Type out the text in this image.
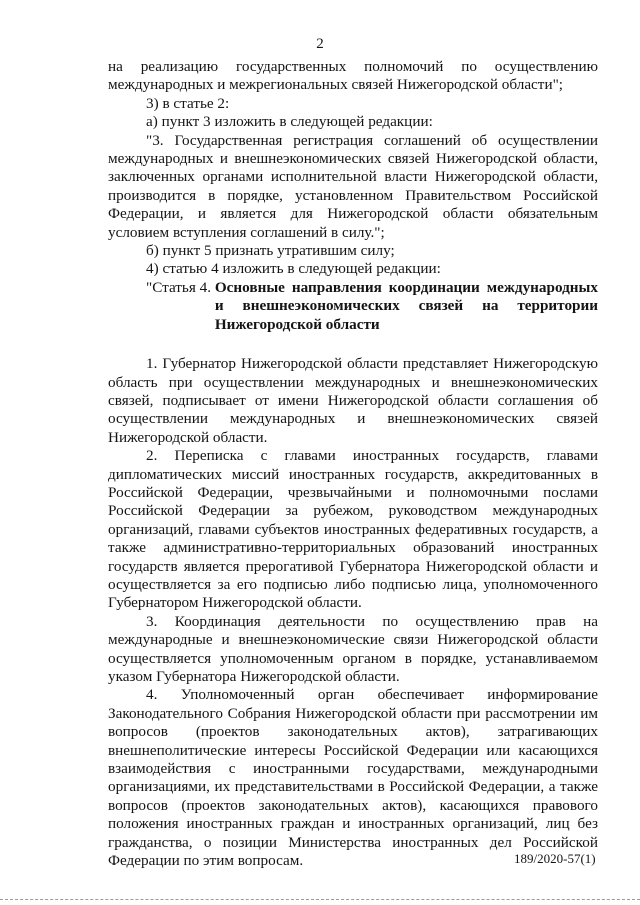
2

на реализацию государственных полномочий по осуществлению международных и межрегиональных связей Нижегородской области";

3) в статье 2:

а) пункт 3 изложить в следующей редакции:

"3. Государственная регистрация соглашений об осуществлении международных и внешнеэкономических связей Нижегородской области, заключенных органами исполнительной власти Нижегородской области, производится в порядке, установленном Правительством Российской Федерации, и является для Нижегородской области обязательным условием вступления соглашений в силу.";

б) пункт 5 признать утратившим силу;

4) статью 4 изложить в следующей редакции:

"Статья 4. Основные направления координации международных и внешнеэкономических связей на территории Нижегородской области

1. Губернатор Нижегородской области представляет Нижегородскую область при осуществлении международных и внешнеэкономических связей, подписывает от имени Нижегородской области соглашения об осуществлении международных и внешнеэкономических связей Нижегородской области.

2. Переписка с главами иностранных государств, главами дипломатических миссий иностранных государств, аккредитованных в Российской Федерации, чрезвычайными и полномочными послами Российской Федерации за рубежом, руководством международных организаций, главами субъектов иностранных федеративных государств, а также административно-территориальных образований иностранных государств является прерогативой Губернатора Нижегородской области и осуществляется за его подписью либо подписью лица, уполномоченного Губернатором Нижегородской области.

3. Координация деятельности по осуществлению прав на международные и внешнеэкономические связи Нижегородской области осуществляется уполномоченным органом в порядке, устанавливаемом указом Губернатора Нижегородской области.

4. Уполномоченный орган обеспечивает информирование Законодательного Собрания Нижегородской области при рассмотрении им вопросов (проектов законодательных актов), затрагивающих внешнеполитические интересы Российской Федерации или касающихся взаимодействия с иностранными государствами, международными организациями, их представительствами в Российской Федерации, а также вопросов (проектов законодательных актов), касающихся правового положения иностранных граждан и иностранных организаций, лиц без гражданства, о позиции Министерства иностранных дел Российской Федерации по этим вопросам.	189/2020-57(1)
